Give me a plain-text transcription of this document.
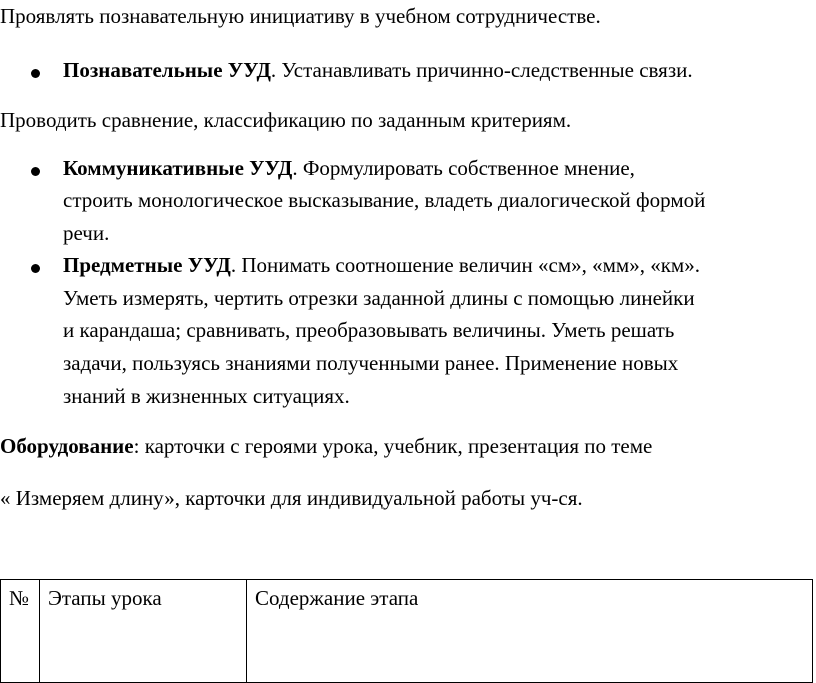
Проявлять познавательную инициативу в учебном сотрудничестве.
Познавательные УУД. Устанавливать причинно-следственные связи.
Проводить сравнение, классификацию по заданным критериям.
Коммуникативные УУД. Формулировать собственное мнение,
строить монологическое высказывание, владеть диалогической формой
речи.
Предметные УУД. Понимать соотношение величин «см», «мм», «км».
Уметь измерять, чертить отрезки заданной длины с помощью линейки
и карандаша; сравнивать, преобразовывать величины. Уметь решать
задачи, пользуясь знаниями полученными ранее. Применение новых
знаний в жизненных ситуациях.
Оборудование: карточки с героями урока, учебник, презентация по теме
« Измеряем длину», карточки для индивидуальной работы уч-ся.
№	Этапы урока	Содержание этапа
